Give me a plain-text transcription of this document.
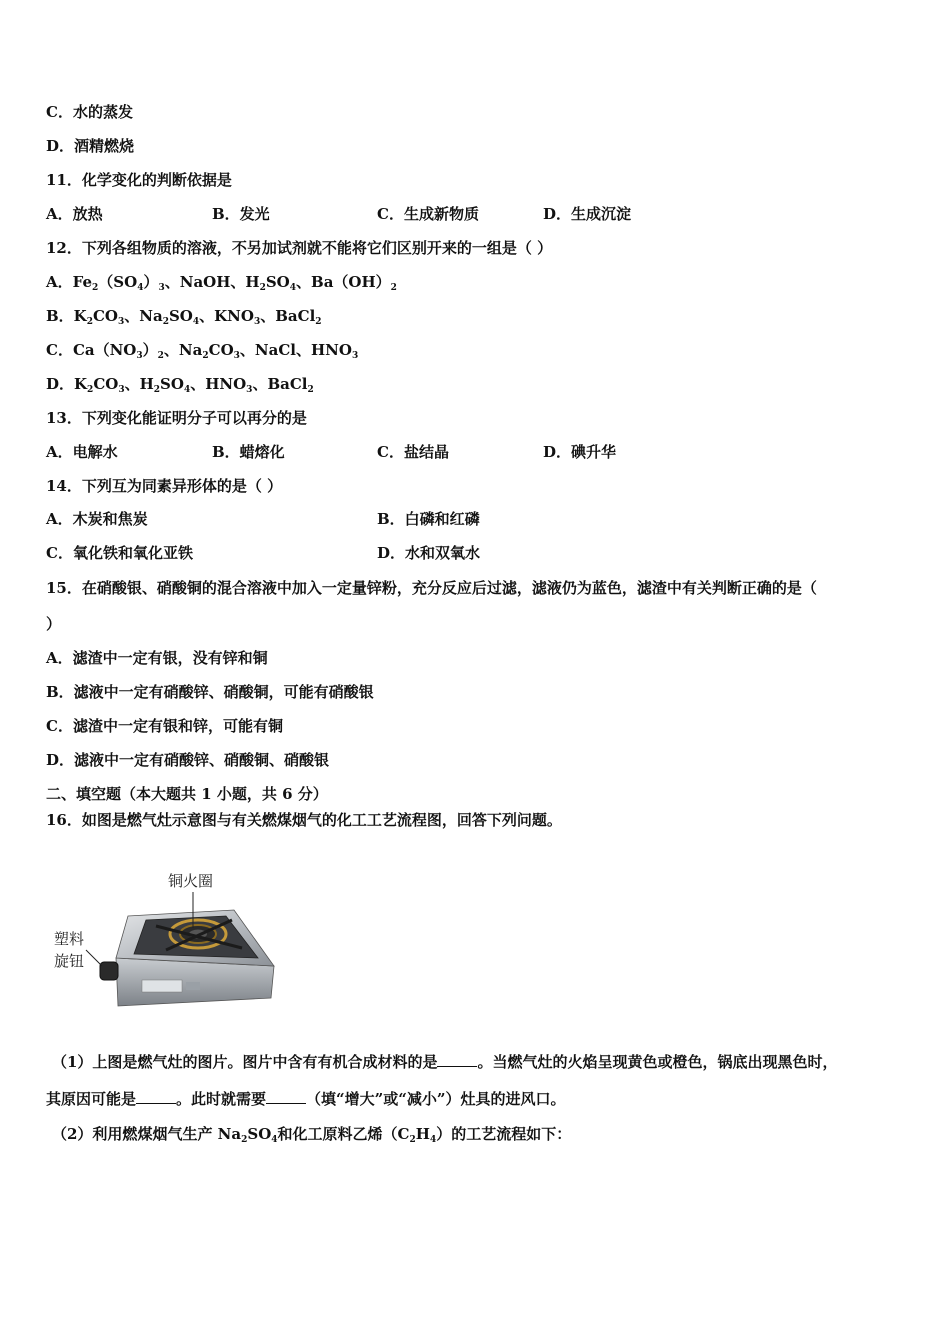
C．水的蒸发
D．酒精燃烧
11．化学变化的判断依据是
A．放热	B．发光	C．生成新物质	D．生成沉淀
12．下列各组物质的溶液，不另加试剂就不能将它们区别开来的一组是（ ）
A．$Fe_2(SO_4)_3$、NaOH、$H_2SO_4$、$Ba(OH)_2$
B．$K_2CO_3$、$Na_2SO_4$、$KNO_3$、BaCl$_2$
C．$Ca(NO_3)_2$、$Na_2CO_3$、NaCl、$HNO_3$
D．$K_2CO_3$、$H_2SO_4$、$HNO_3$、BaCl$_2$
13．下列变化能证明分子可以再分的是
A．电解水	B．蜡熔化	C．盐结晶	D．碘升华
14．下列互为同素异形体的是（ ）
A．木炭和焦炭	B．白磷和红磷
C．氧化铁和氧化亚铁	D．水和双氧水
15．在硝酸银、硝酸铜的混合溶液中加入一定量锌粉，充分反应后过滤，滤液仍为蓝色，滤渣中有关判断正确的是（
）
A．滤渣中一定有银，没有锌和铜
B．滤液中一定有硝酸锌、硝酸铜，可能有硝酸银
C．滤渣中一定有银和锌，可能有铜
D．滤液中一定有硝酸锌、硝酸铜、硝酸银
二、填空题（本大题共 1 小题，共 6 分）
16．如图是燃气灶示意图与有关燃煤烟气的化工工艺流程图，回答下列问题。
铜火圈
塑料
旋钮
（1）上图是燃气灶的图片。图片中含有有机合成材料的是	。当燃气灶的火焰呈现黄色或橙色，锅底出现黑色时，
其原因可能是	。此时就需要	（填“增大”或“减小”）灶具的进风口。
（2）利用燃煤烟气生产 $Na_2SO_4$和化工原料乙烯$(C_2H_4)$的工艺流程如下：
